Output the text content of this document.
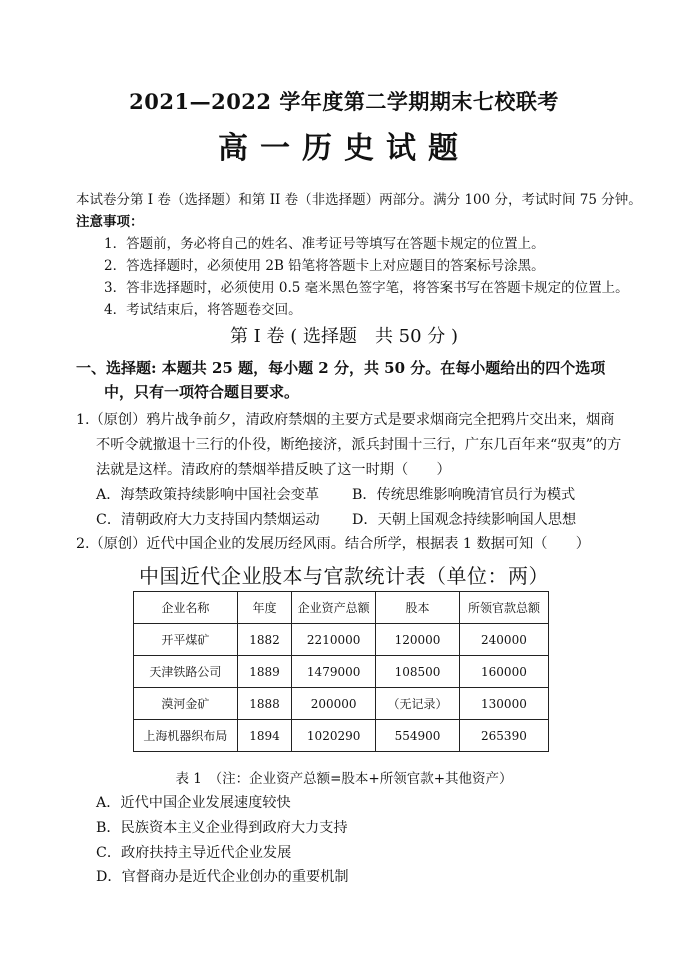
2021—2022 学年度第二学期期末七校联考
高一历史试题
本试卷分第 I 卷（选择题）和第 II 卷（非选择题）两部分。满分 100 分，考试时间 75 分钟。
注意事项：
1．答题前，务必将自己的姓名、准考证号等填写在答题卡规定的位置上。
2．答选择题时，必须使用 2B 铅笔将答题卡上对应题目的答案标号涂黑。
3．答非选择题时，必须使用 0.5 毫米黑色签字笔，将答案书写在答题卡规定的位置上。
4．考试结束后，将答题卷交回。
第 I 卷 ( 选择题　共 50 分 )
一、选择题: 本题共 25 题，每小题 2 分，共 50 分。在每小题给出的四个选项
中，只有一项符合题目要求。
1.（原创）鸦片战争前夕，清政府禁烟的主要方式是要求烟商完全把鸦片交出来，烟商
不听令就撤退十三行的仆役，断绝接济，派兵封围十三行，广东几百年来“驭夷”的方
法就是这样。清政府的禁烟举措反映了这一时期（　　）
A．海禁政策持续影响中国社会变革 B．传统思维影响晚清官员行为模式
C．清朝政府大力支持国内禁烟运动 D．天朝上国观念持续影响国人思想
2.（原创）近代中国企业的发展历经风雨。结合所学，根据表 1 数据可知（　　）
中国近代企业股本与官款统计表（单位：两）
企业名称	年度	企业资产总额	股本	所领官款总额
开平煤矿	1882	2210000	120000	240000
天津铁路公司	1889	1479000	108500	160000
漠河金矿	1888	200000	（无记录）	130000
上海机器织布局	1894	1020290	554900	265390
表 1　（注：企业资产总额=股本+所领官款+其他资产）
A．近代中国企业发展速度较快
B．民族资本主义企业得到政府大力支持
C．政府扶持主导近代企业发展
D．官督商办是近代企业创办的重要机制
